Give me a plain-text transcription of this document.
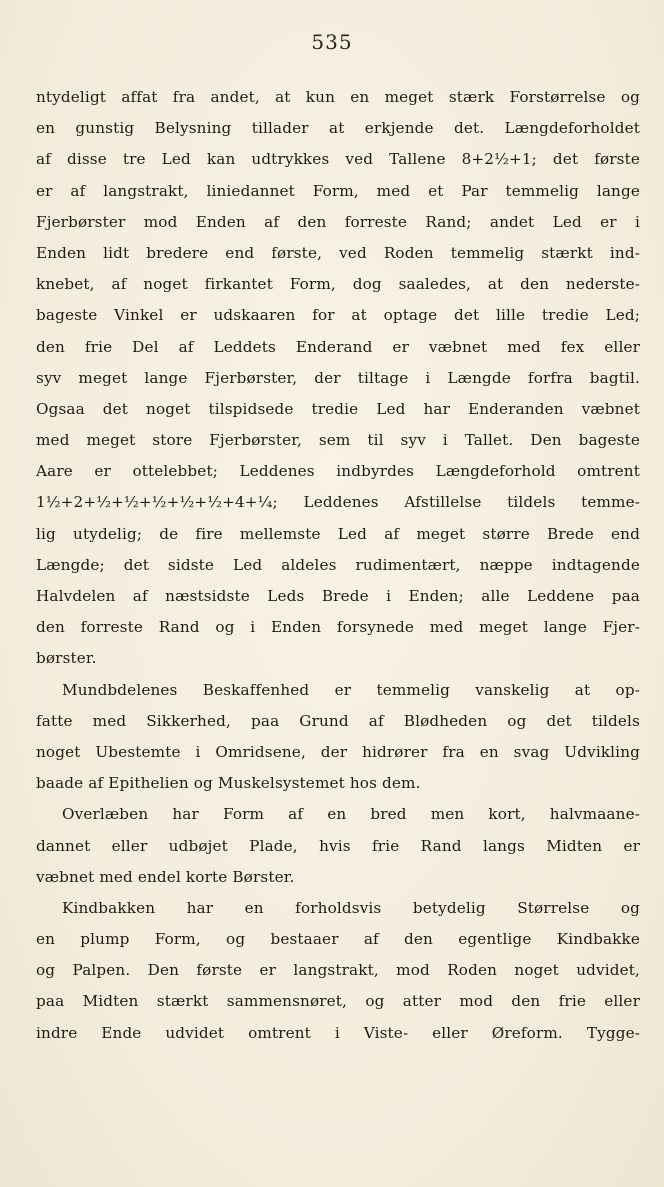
535
ntydeligt affat fra andet, at kun en meget stærk Forstørrelse og
en gunstig Belysning tillader at erkjende det. Længdeforholdet
af disse tre Led kan udtrykkes ved Tallene 8+2½+1; det første
er af langstrakt, liniedannet Form, med et Par temmelig lange
Fjerbørster mod Enden af den forreste Rand; andet Led er i
Enden lidt bredere end første, ved Roden temmelig stærkt ind-
knebet, af noget firkantet Form, dog saaledes, at den nederste-
bageste Vinkel er udskaaren for at optage det lille tredie Led;
den frie Del af Leddets Enderand er væbnet med fex eller
syv meget lange Fjerbørster, der tiltage i Længde forfra bagtil.
Ogsaa det noget tilspidsede tredie Led har Enderanden væbnet
med meget store Fjerbørster, sem til syv i Tallet. Den bageste
Aare er ottelebbet; Leddenes indbyrdes Længdeforhold omtrent
1½+2+½+½+½+½+½+4+¼; Leddenes Afstillelse tildels temme-
lig utydelig; de fire mellemste Led af meget større Brede end
Længde; det sidste Led aldeles rudimentært, næppe indtagende
Halvdelen af næstsidste Leds Brede i Enden; alle Leddene paa
den forreste Rand og i Enden forsynede med meget lange Fjer-
børster.
Mundbdelenes Beskaffenhed er temmelig vanskelig at op-
fatte med Sikkerhed, paa Grund af Blødheden og det tildels
noget Ubestemte i Omridsene, der hidrører fra en svag Udvikling
baade af Epithelien og Muskelsystemet hos dem.
Overlæben har Form af en bred men kort, halvmaane-
dannet eller udbøjet Plade, hvis frie Rand langs Midten er
væbnet med endel korte Børster.
Kindbakken har en forholdsvis betydelig Størrelse og
en plump Form, og bestaaer af den egentlige Kindbakke
og Palpen. Den første er langstrakt, mod Roden noget udvidet,
paa Midten stærkt sammensnøret, og atter mod den frie eller
indre Ende udvidet omtrent i Viste- eller Øreform. Tygge-
